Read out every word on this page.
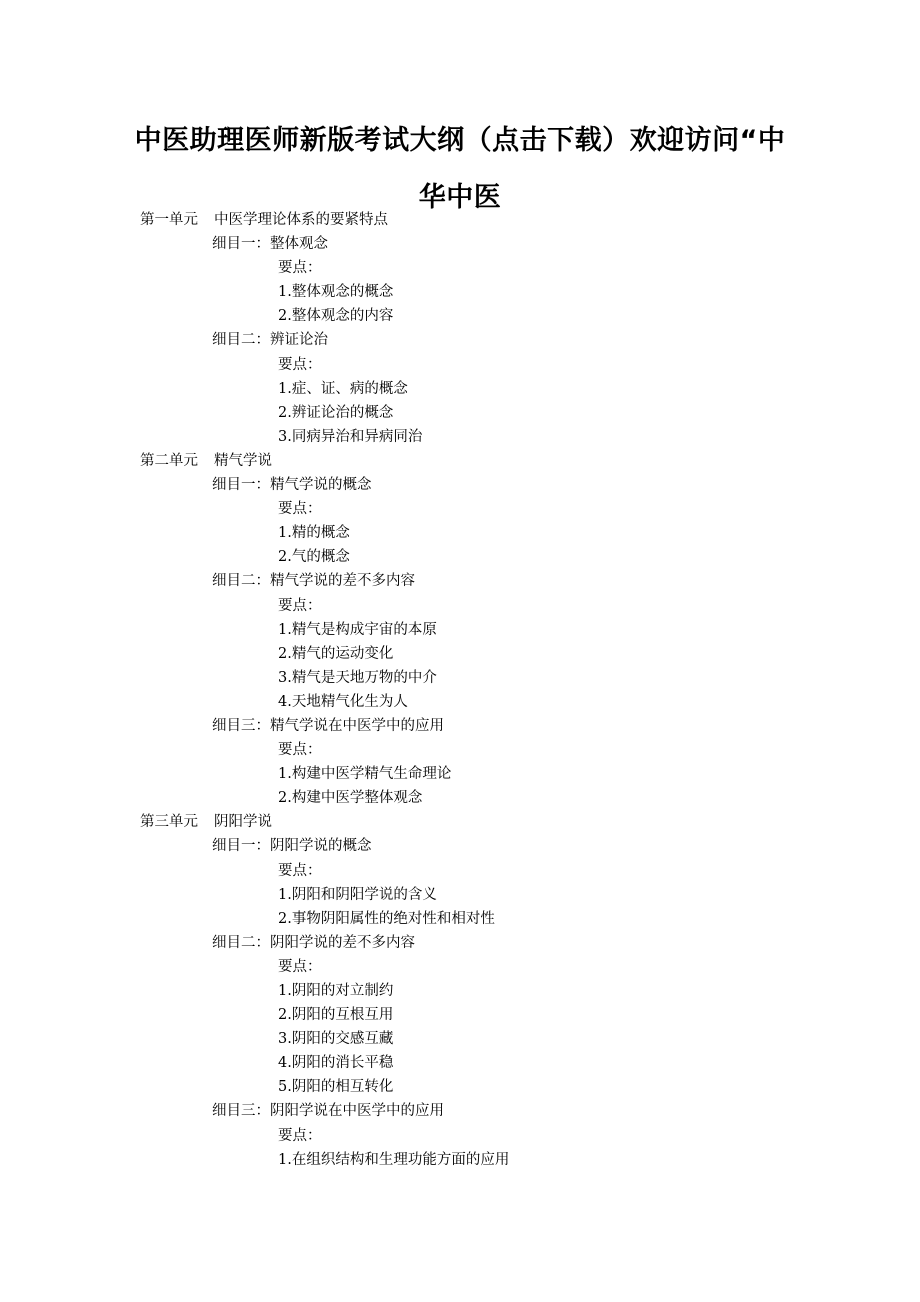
中医助理医师新版考试大纲（点击下载）欢迎访问“中
华中医
第一单元 中医学理论体系的要紧特点
细目一：整体观念
要点：
1.整体观念的概念
2.整体观念的内容
细目二：辨证论治
要点：
1.症、证、病的概念
2.辨证论治的概念
3.同病异治和异病同治
第二单元 精气学说
细目一：精气学说的概念
要点：
1.精的概念
2.气的概念
细目二：精气学说的差不多内容
要点：
1.精气是构成宇宙的本原
2.精气的运动变化
3.精气是天地万物的中介
4.天地精气化生为人
细目三：精气学说在中医学中的应用
要点：
1.构建中医学精气生命理论
2.构建中医学整体观念
第三单元 阴阳学说
细目一：阴阳学说的概念
要点：
1.阴阳和阴阳学说的含义
2.事物阴阳属性的绝对性和相对性
细目二：阴阳学说的差不多内容
要点：
1.阴阳的对立制约
2.阴阳的互根互用
3.阴阳的交感互藏
4.阴阳的消长平稳
5.阴阳的相互转化
细目三：阴阳学说在中医学中的应用
要点：
1.在组织结构和生理功能方面的应用
